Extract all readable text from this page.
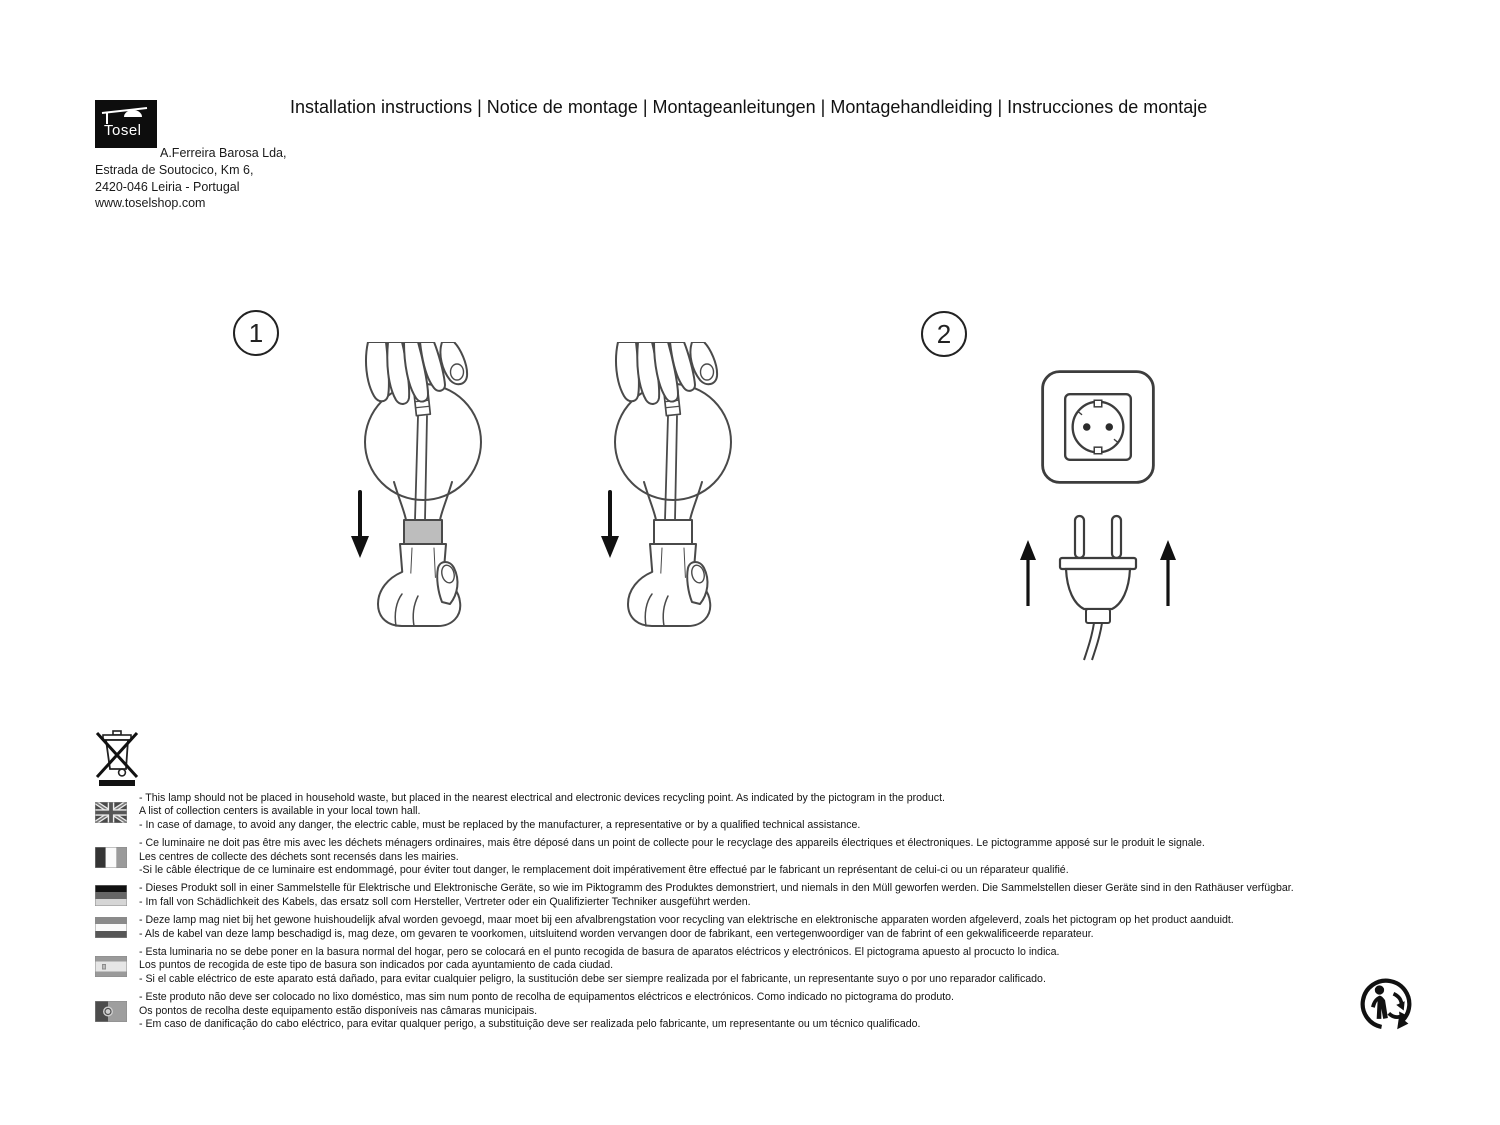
Tosel
A.Ferreira Barosa Lda,
Estrada de Soutocico, Km 6,
2420-046 Leiria - Portugal
www.toselshop.com
Installation instructions | Notice de montage | Montageanleitungen | Montagehandleiding | Instrucciones de montaje
1	2
- This lamp should not be placed in household waste, but placed in the nearest electrical and electronic devices recycling point. As indicated by the pictogram in the product.
A list of collection centers is available in your local town hall.
- In case of damage, to avoid any danger, the electric cable, must be replaced by the manufacturer, a representative or by a qualified technical assistance.
- Ce luminaire ne doit pas être mis avec les déchets ménagers ordinaires, mais être déposé dans un point de collecte pour le recyclage des appareils électriques et électroniques. Le pictogramme apposé sur le produit le signale.
Les centres de collecte des déchets sont recensés dans les mairies.
-Si le câble électrique de ce luminaire est endommagé, pour éviter tout danger, le remplacement doit impérativement être effectué par le fabricant un représentant de celui-ci ou un réparateur qualifié.
- Dieses Produkt soll in einer Sammelstelle für Elektrische und Elektronische Geräte, so wie im Piktogramm des Produktes demonstriert, und niemals in den Müll geworfen werden. Die Sammelstellen dieser Geräte sind in den Rathäuser verfügbar.
- Im fall von Schädlichkeit des Kabels, das ersatz soll com Hersteller, Vertreter oder ein Qualifizierter Techniker ausgeführt werden.
- Deze lamp mag niet bij het gewone huishoudelijk afval worden gevoegd, maar moet bij een afvalbrengstation voor recycling van elektrische en elektronische apparaten worden afgeleverd, zoals het pictogram op het product aanduidt.
- Als de kabel van deze lamp beschadigd is, mag deze, om gevaren te voorkomen, uitsluitend worden vervangen door de fabrikant, een vertegenwoordiger van de fabrint of een gekwalificeerde reparateur.
- Esta luminaria no se debe poner en la basura normal del hogar, pero se colocará en el punto recogida de basura de aparatos eléctricos y electrónicos. El pictograma apuesto al procucto lo indica.
Los puntos de recogida de este tipo de basura son indicados por cada ayuntamiento de cada ciudad.
- Si el cable eléctrico de este aparato está dañado, para evitar cualquier peligro, la sustitución debe ser siempre realizada por el fabricante, un representante suyo o por uno reparador calificado.
- Este produto não deve ser colocado no lixo doméstico, mas sim num ponto de recolha de equipamentos eléctricos e electrónicos. Como indicado no pictograma do produto.
Os pontos de recolha deste equipamento estão disponíveis nas câmaras municipais.
- Em caso de danificação do cabo eléctrico, para evitar qualquer perigo, a substituição deve ser realizada pelo fabricante, um representante ou um técnico qualificado.
